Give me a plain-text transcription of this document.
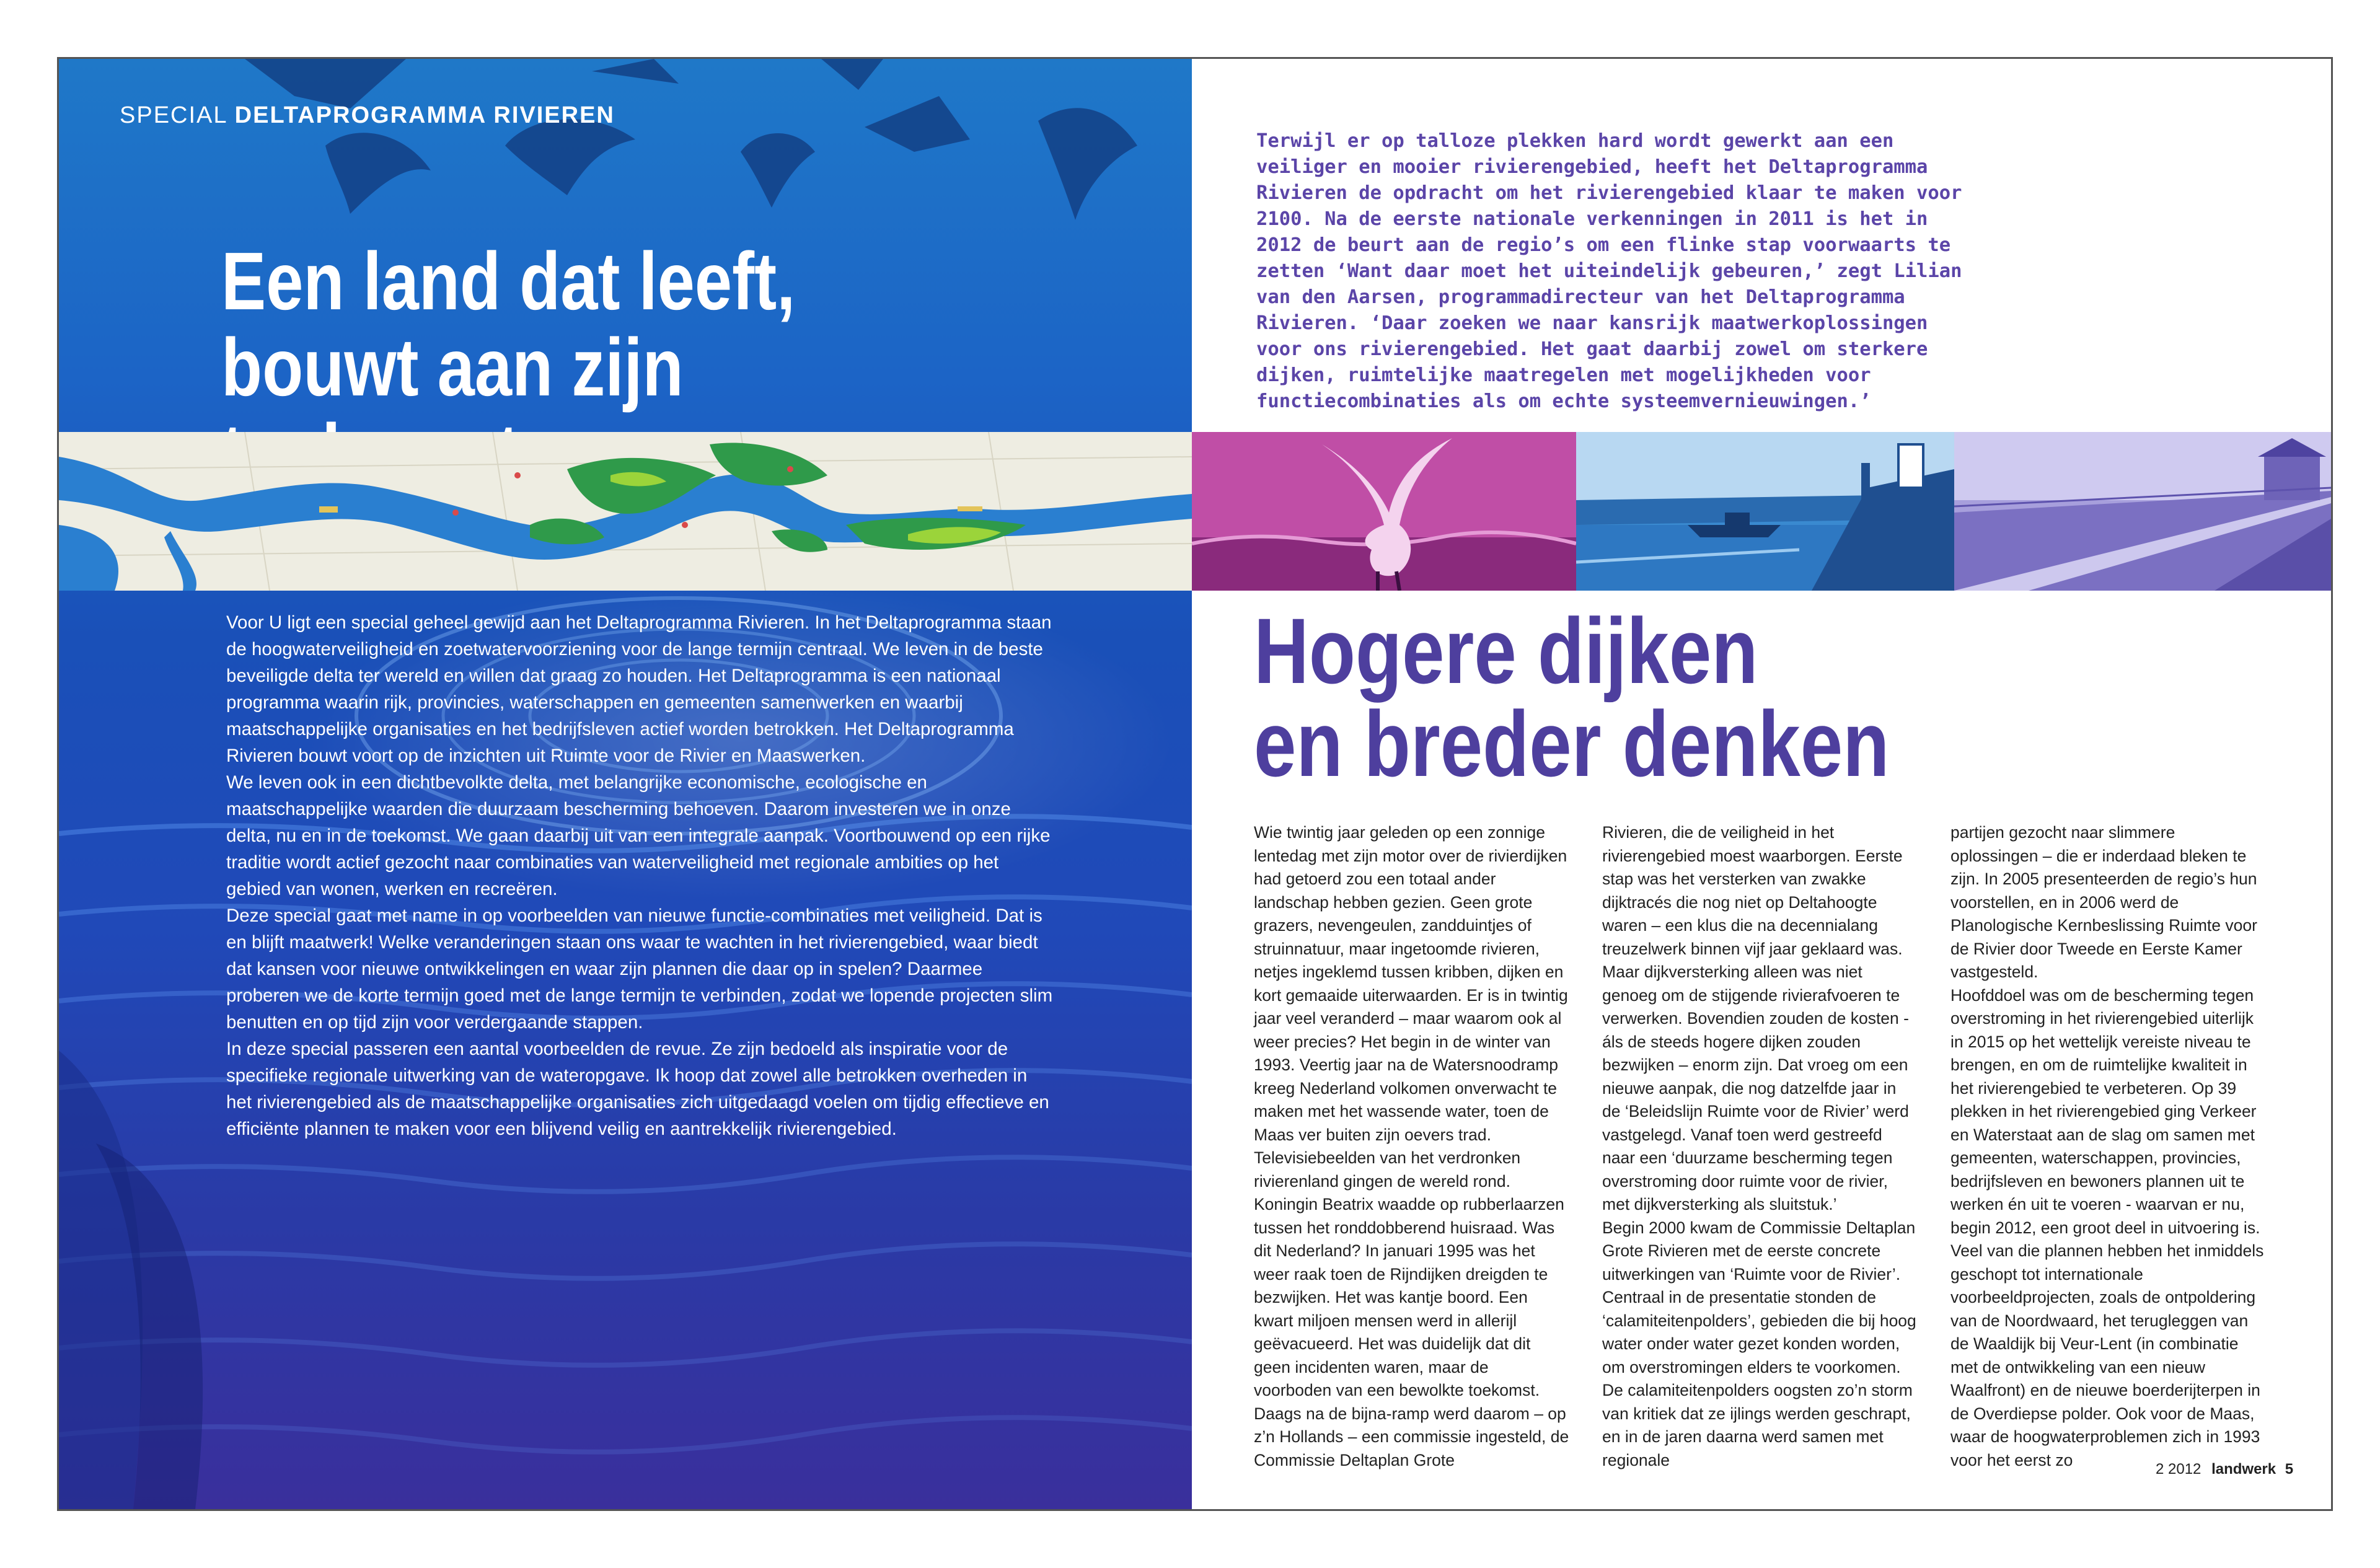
SPECIAL DELTAPROGRAMMA RIVIEREN
Een land dat leeft,
bouwt aan zijn

Voor U ligt een special geheel gewijd aan het Deltaprogramma Rivieren. In het Deltaprogramma staan de hoogwaterveiligheid en zoetwatervoorziening voor de lange termijn centraal. We leven in de beste beveiligde delta ter wereld en willen dat graag zo houden. Het Deltaprogramma is een nationaal programma waarin rijk, provincies, waterschappen en gemeenten samenwerken en waarbij maatschappelijke organisaties en het bedrijfsleven actief worden betrokken. Het Deltaprogramma Rivieren bouwt voort op de inzichten uit Ruimte voor de Rivier en Maaswerken.
We leven ook in een dichtbevolkte delta, met belangrijke economische, ecologische en maatschappelijke waarden die duurzaam bescherming behoeven. Daarom investeren we in onze delta, nu en in de toekomst. We gaan daarbij uit van een integrale aanpak. Voortbouwend op een rijke traditie wordt actief gezocht naar combinaties van waterveiligheid met regionale ambities op het gebied van wonen, werken en recreëren.
Deze special gaat met name in op voorbeelden van nieuwe functie-combinaties met veiligheid. Dat is en blijft maatwerk! Welke veranderingen staan ons waar te wachten in het rivierengebied, waar biedt dat kansen voor nieuwe ontwikkelingen en waar zijn plannen die daar op in spelen? Daarmee proberen we de korte termijn goed met de lange termijn te verbinden, zodat we lopende projecten slim benutten en op tijd zijn voor verdergaande stappen.
In deze special passeren een aantal voorbeelden de revue. Ze zijn bedoeld als inspiratie voor de specifieke regionale uitwerking van de wateropgave. Ik hoop dat zowel alle betrokken overheden in het rivierengebied als de maatschappelijke organisaties zich uitgedaagd voelen om tijdig effectieve en efficiënte plannen te maken voor een blijvend veilig en aantrekkelijk rivierengebied.

Terwijl er op talloze plekken hard wordt gewerkt aan een veiliger en mooier rivierengebied, heeft het Deltaprogramma Rivieren de opdracht om het rivierengebied klaar te maken voor 2100. Na de eerste nationale verkenningen in 2011 is het in 2012 de beurt aan de regio’s om een flinke stap voorwaarts te zetten ‘Want daar moet het uiteindelijk gebeuren,’ zegt Lilian van den Aarsen, programmadirecteur van het Deltaprogramma Rivieren. ‘Daar zoeken we naar kansrijk maatwerkoplossingen voor ons rivierengebied. Het gaat daarbij zowel om sterkere dijken, ruimtelijke maatregelen met mogelijkheden voor functiecombinaties als om echte systeemvernieuwingen.’

Hogere dijken
en breder denken

Wie twintig jaar geleden op een zonnige lentedag met zijn motor over de rivierdijken had getoerd zou een totaal ander landschap hebben gezien. Geen grote grazers, nevengeulen, zandduintjes of struinnatuur, maar ingetoomde rivieren, netjes ingeklemd tussen kribben, dijken en kort gemaaide uiterwaarden. Er is in twintig jaar veel veranderd – maar waarom ook al weer precies? Het begin in de winter van 1993. Veertig jaar na de Watersnoodramp kreeg Nederland volkomen onverwacht te maken met het wassende water, toen de Maas ver buiten zijn oevers trad. Televisiebeelden van het verdronken rivierenland gingen de wereld rond. Koningin Beatrix waadde op rubberlaarzen tussen het ronddobberend huisraad. Was dit Nederland? In januari 1995 was het weer raak toen de Rijndijken dreigden te bezwijken. Het was kantje boord. Een kwart miljoen mensen werd in allerijl geëvacueerd. Het was duidelijk dat dit geen incidenten waren, maar de voorboden van een bewolkte toekomst. Daags na de bijna-ramp werd daarom – op z’n Hollands – een commissie ingesteld, de Commissie Deltaplan Grote

Rivieren, die de veiligheid in het rivierengebied moest waarborgen. Eerste stap was het versterken van zwakke dijktracés die nog niet op Deltahoogte waren – een klus die na decennialang treuzelwerk binnen vijf jaar geklaard was. Maar dijkversterking alleen was niet genoeg om de stijgende rivierafvoeren te verwerken. Bovendien zouden de kosten - áls de steeds hogere dijken zouden bezwijken – enorm zijn. Dat vroeg om een nieuwe aanpak, die nog datzelfde jaar in de ‘Beleidslijn Ruimte voor de Rivier’ werd vastgelegd. Vanaf toen werd gestreefd naar een ‘duurzame bescherming tegen overstroming door ruimte voor de rivier, met dijkversterking als sluitstuk.’
Begin 2000 kwam de Commissie Deltaplan Grote Rivieren met de eerste concrete uitwerkingen van ‘Ruimte voor de Rivier’. Centraal in de presentatie stonden de ‘calamiteitenpolders’, gebieden die bij hoog water onder water gezet konden worden, om overstromingen elders te voorkomen. De calamiteitenpolders oogsten zo’n storm van kritiek dat ze ijlings werden geschrapt, en in de jaren daarna werd samen met regionale

partijen gezocht naar slimmere oplossingen – die er inderdaad bleken te zijn. In 2005 presenteerden de regio’s hun voorstellen, en in 2006 werd de Planologische Kernbeslissing Ruimte voor de Rivier door Tweede en Eerste Kamer vastgesteld.
Hoofddoel was om de bescherming tegen overstroming in het rivierengebied uiterlijk in 2015 op het wettelijk vereiste niveau te brengen, en om de ruimtelijke kwaliteit in het rivierengebied te verbeteren. Op 39 plekken in het rivierengebied ging Verkeer en Waterstaat aan de slag om samen met gemeenten, waterschappen, provincies, bedrijfsleven en bewoners plannen uit te werken én uit te voeren - waarvan er nu, begin 2012, een groot deel in uitvoering is. Veel van die plannen hebben het inmiddels geschopt tot internationale voorbeeldprojecten, zoals de ontpoldering van de Noordwaard, het terugleggen van de Waaldijk bij Veur-Lent (in combinatie met de ontwikkeling van een nieuw Waalfront) en de nieuwe boerderijterpen in de Overdiepse polder. Ook voor de Maas, waar de hoogwaterproblemen zich in 1993 voor het eerst zo	2 2012 landwerk 5
